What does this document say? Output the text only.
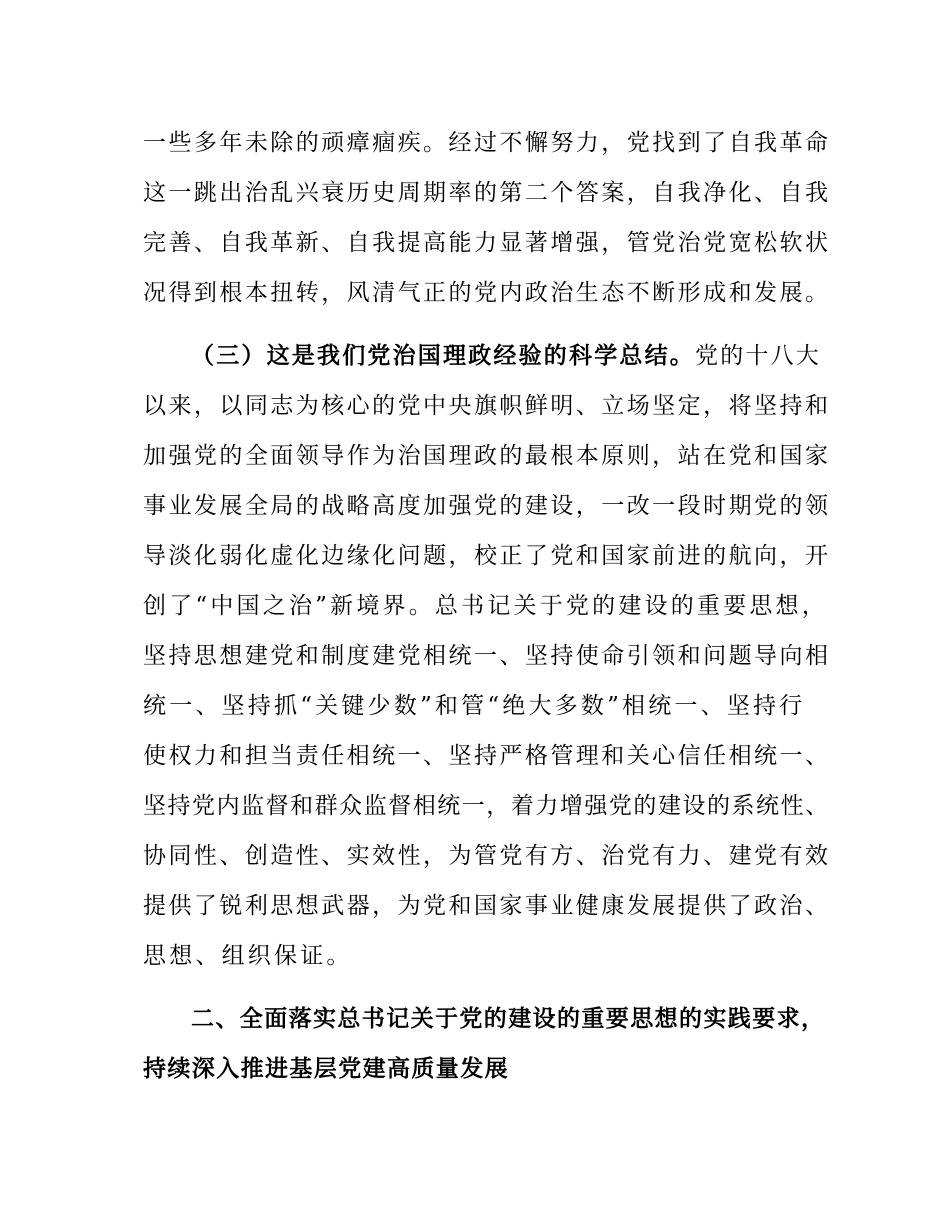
一些多年未除的顽瘴痼疾。经过不懈努力，党找到了自我革命
这一跳出治乱兴衰历史周期率的第二个答案，自我净化、自我
完善、自我革新、自我提高能力显著增强，管党治党宽松软状
况得到根本扭转，风清气正的党内政治生态不断形成和发展。
（三）这是我们党治国理政经验的科学总结。党的十八大
以来，以同志为核心的党中央旗帜鲜明、立场坚定，将坚持和
加强党的全面领导作为治国理政的最根本原则，站在党和国家
事业发展全局的战略高度加强党的建设，一改一段时期党的领
导淡化弱化虚化边缘化问题，校正了党和国家前进的航向，开
创了“中国之治”新境界。总书记关于党的建设的重要思想，
坚持思想建党和制度建党相统一、坚持使命引领和问题导向相
统一、坚持抓“关键少数”和管“绝大多数”相统一、坚持行
使权力和担当责任相统一、坚持严格管理和关心信任相统一、
坚持党内监督和群众监督相统一，着力增强党的建设的系统性、
协同性、创造性、实效性，为管党有方、治党有力、建党有效
提供了锐利思想武器，为党和国家事业健康发展提供了政治、
思想、组织保证。
二、全面落实总书记关于党的建设的重要思想的实践要求，
持续深入推进基层党建高质量发展
